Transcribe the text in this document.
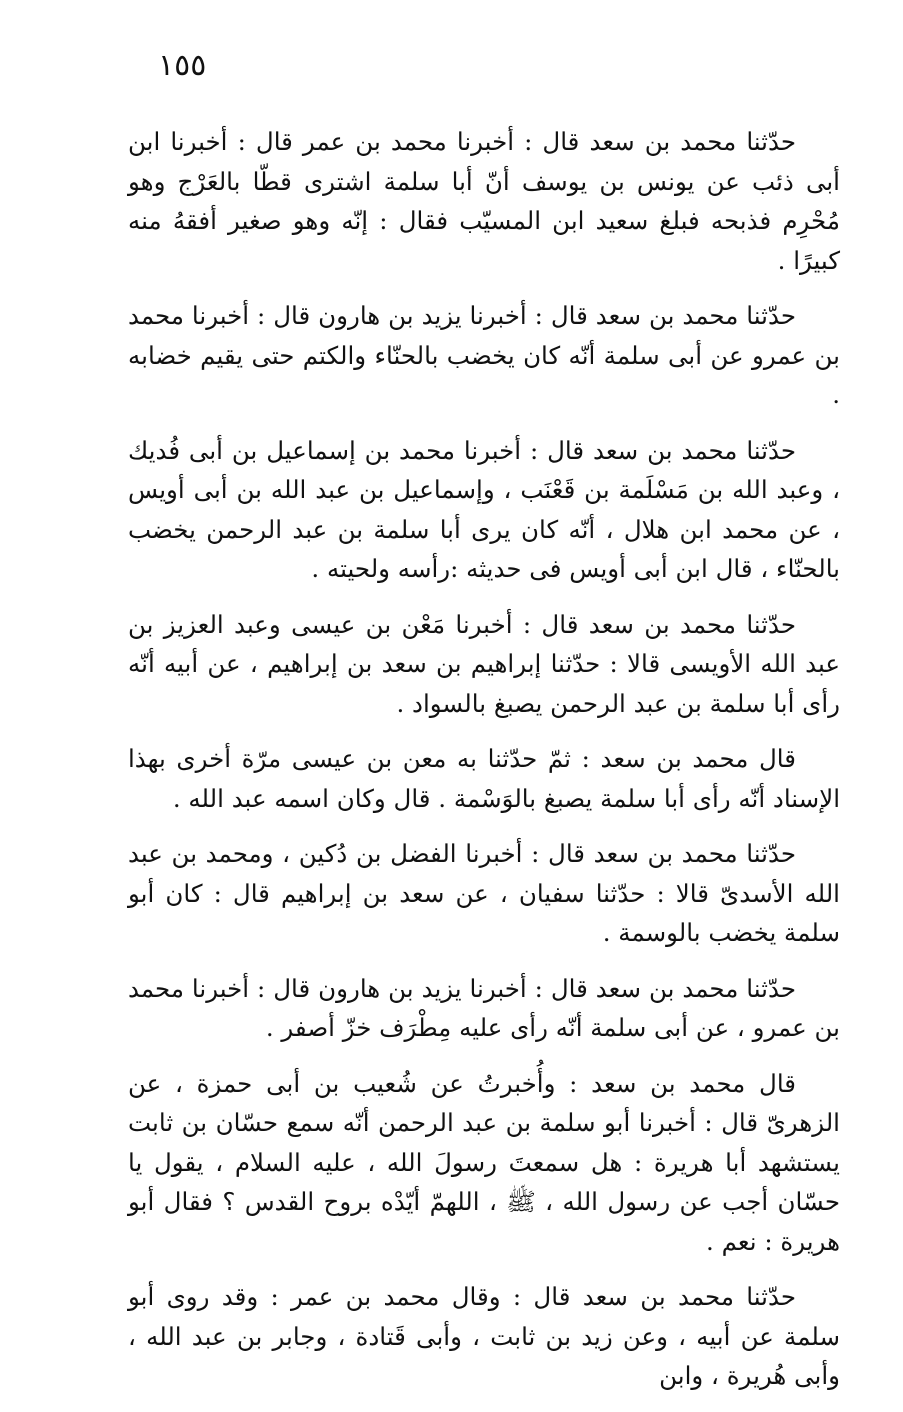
١٥٥

حدّثنا محمد بن سعد قال : أخبرنا محمد بن عمر قال : أخبرنا ابن أبى ذئب عن يونس بن يوسف أنّ أبا سلمة اشترى قطّا بالعَرْج وهو مُحْرِم فذبحه فبلغ سعيد ابن المسيّب فقال : إنّه وهو صغير أفقهُ منه كبيرًا .

حدّثنا محمد بن سعد قال : أخبرنا يزيد بن هارون قال : أخبرنا محمد بن عمرو عن أبى سلمة أنّه كان يخضب بالحنّاء والكتم حتى يقيم خضابه .

حدّثنا محمد بن سعد قال : أخبرنا محمد بن إسماعيل بن أبى فُديك ، وعبد الله بن مَسْلَمة بن قَعْنَب ، وإسماعيل بن عبد الله بن أبى أويس ، عن محمد ابن هلال ، أنّه كان يرى أبا سلمة بن عبد الرحمن يخضب بالحنّاء ، قال ابن أبى أويس فى حديثه :رأسه ولحيته .

حدّثنا محمد بن سعد قال : أخبرنا مَعْن بن عيسى وعبد العزيز بن عبد الله الأويسى قالا : حدّثنا إبراهيم بن سعد بن إبراهيم ، عن أبيه أنّه رأى أبا سلمة بن عبد الرحمن يصبغ بالسواد .

قال محمد بن سعد : ثمّ حدّثنا به معن بن عيسى مرّة أخرى بهذا الإسناد أنّه رأى أبا سلمة يصبغ بالوَسْمة . قال وكان اسمه عبد الله .

حدّثنا محمد بن سعد قال : أخبرنا الفضل بن دُكين ، ومحمد بن عبد الله الأسدىّ قالا : حدّثنا سفيان ، عن سعد بن إبراهيم قال : كان أبو سلمة يخضب بالوسمة .

حدّثنا محمد بن سعد قال : أخبرنا يزيد بن هارون قال : أخبرنا محمد بن عمرو ، عن أبى سلمة أنّه رأى عليه مِطْرَف خزّ أصفر .

قال محمد بن سعد : وأُخبرتُ عن شُعيب بن أبى حمزة ، عن الزهرىّ قال : أخبرنا أبو سلمة بن عبد الرحمن أنّه سمع حسّان بن ثابت يستشهد أبا هريرة : هل سمعتَ رسولَ الله ، عليه السلام ، يقول يا حسّان أجب عن رسول الله ، ﷺ ، اللهمّ أيّدْه بروح القدس ؟ فقال أبو هريرة : نعم .

حدّثنا محمد بن سعد قال : وقال محمد بن عمر : وقد روى أبو سلمة عن أبيه ، وعن زيد بن ثابت ، وأبى قَتادة ، وجابر بن عبد الله ، وأبى هُريرة ، وابن
